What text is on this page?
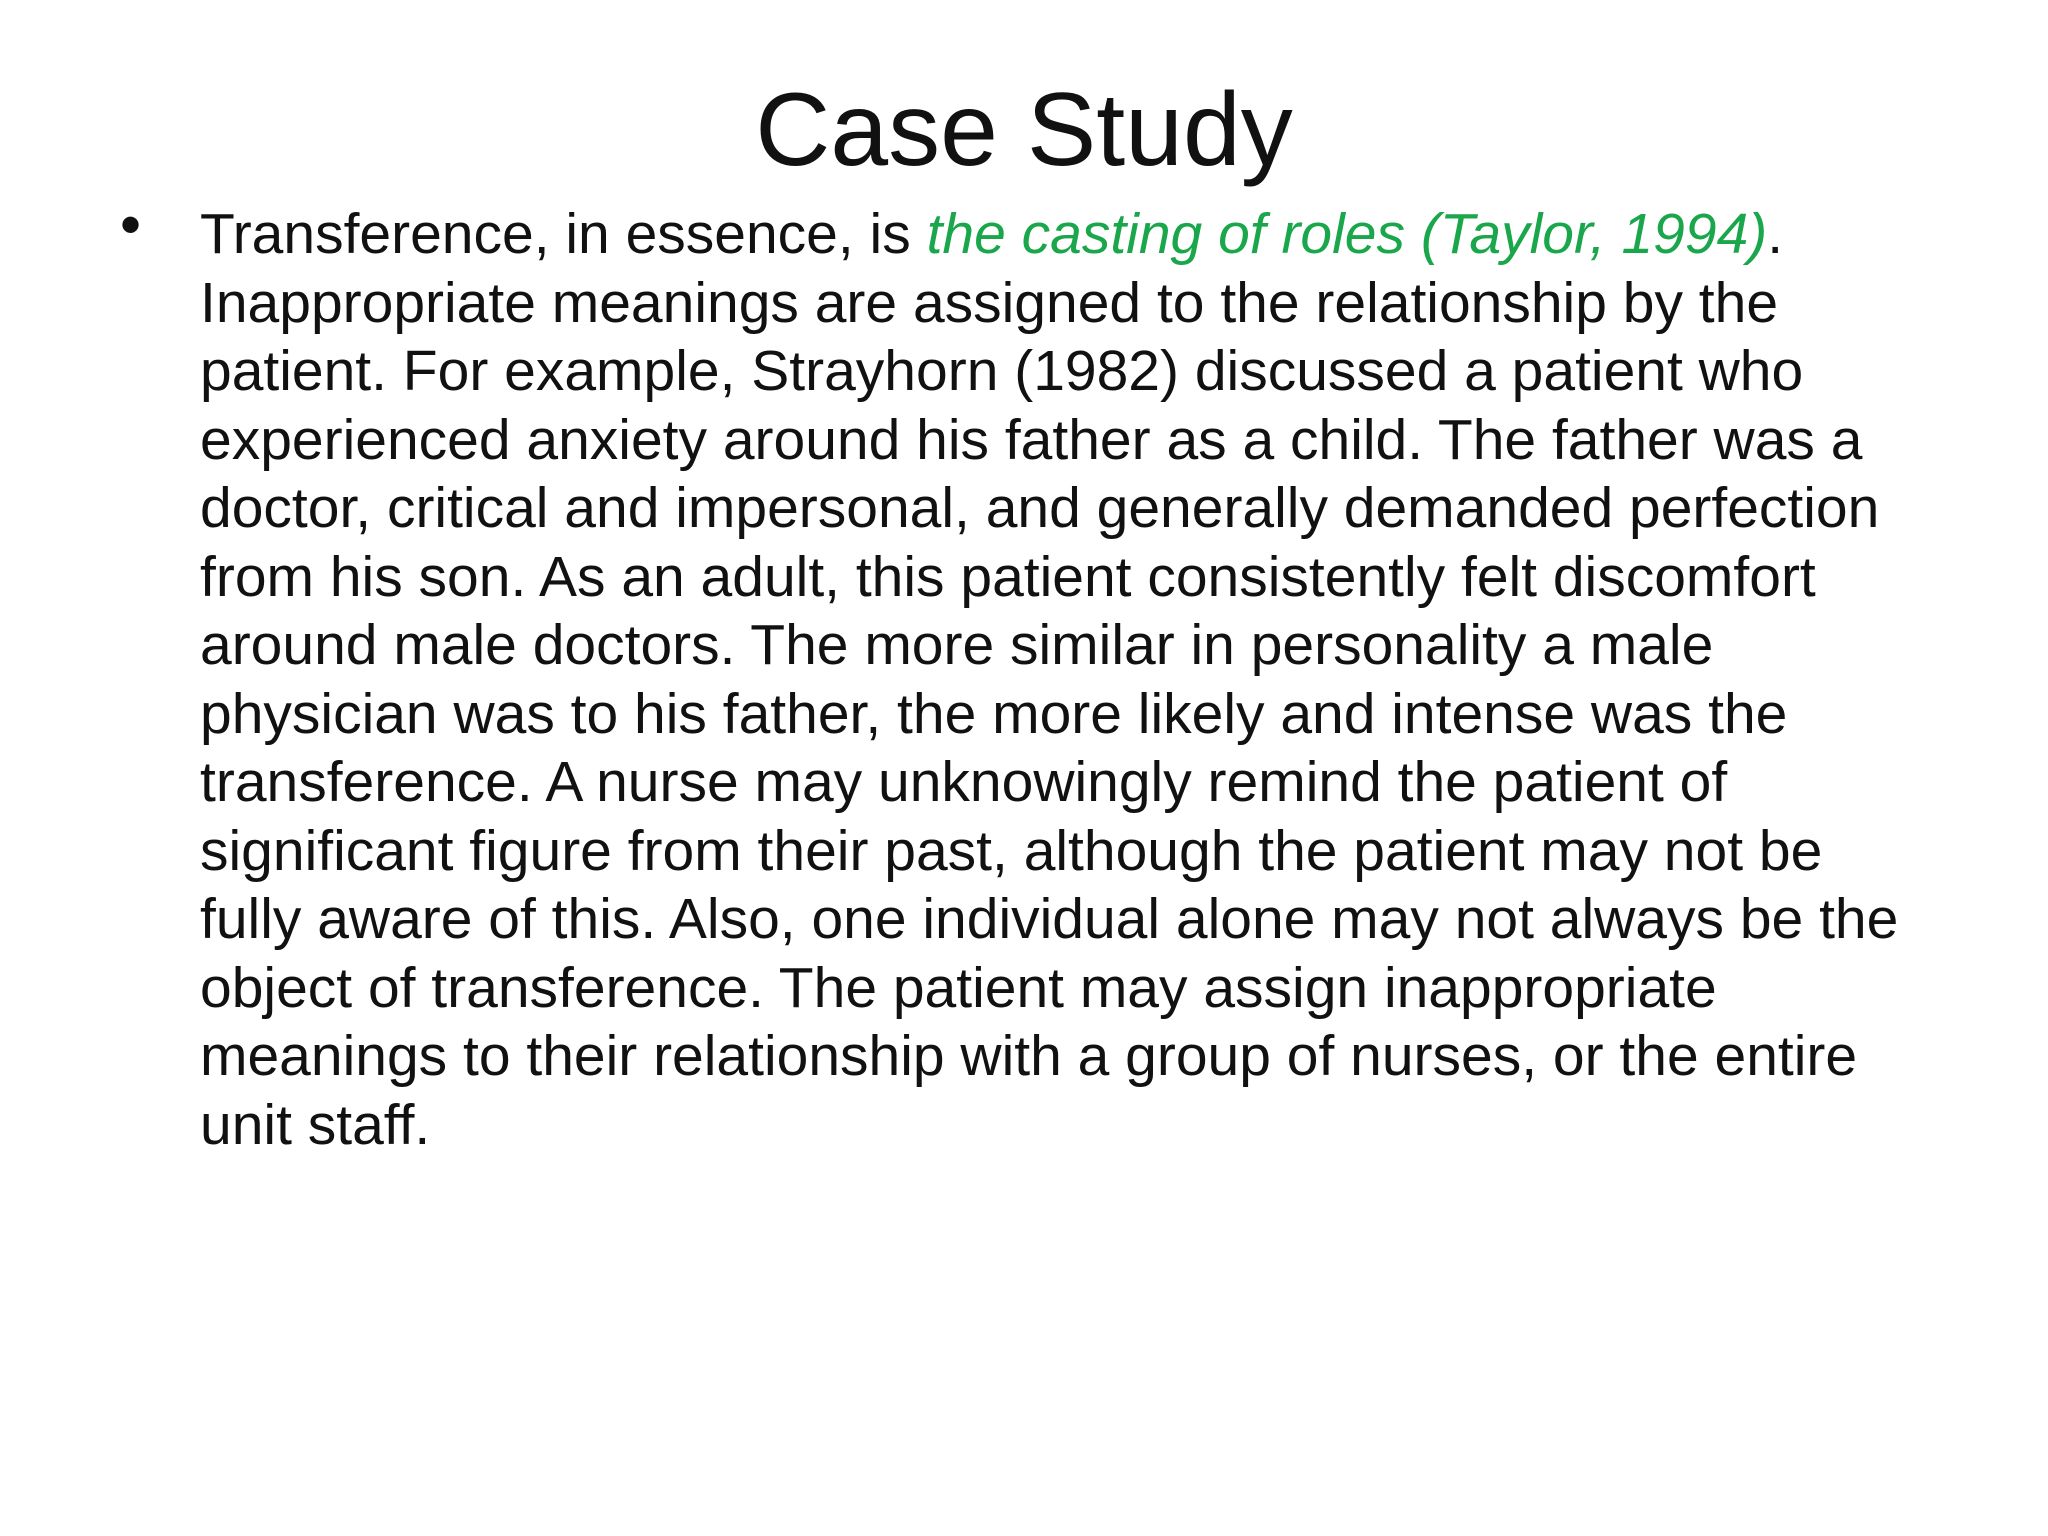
Case Study
• Transference, in essence, is the casting of roles (Taylor, 1994). Inappropriate meanings are assigned to the relationship by the patient. For example, Strayhorn (1982) discussed a patient who experienced anxiety around his father as a child. The father was a doctor, critical and impersonal, and generally demanded perfection from his son. As an adult, this patient consistently felt discomfort around male doctors. The more similar in personality a male physician was to his father, the more likely and intense was the transference. A nurse may unknowingly remind the patient of significant figure from their past, although the patient may not be fully aware of this. Also, one individual alone may not always be the object of transference. The patient may assign inappropriate meanings to their relationship with a group of nurses, or the entire unit staff.
